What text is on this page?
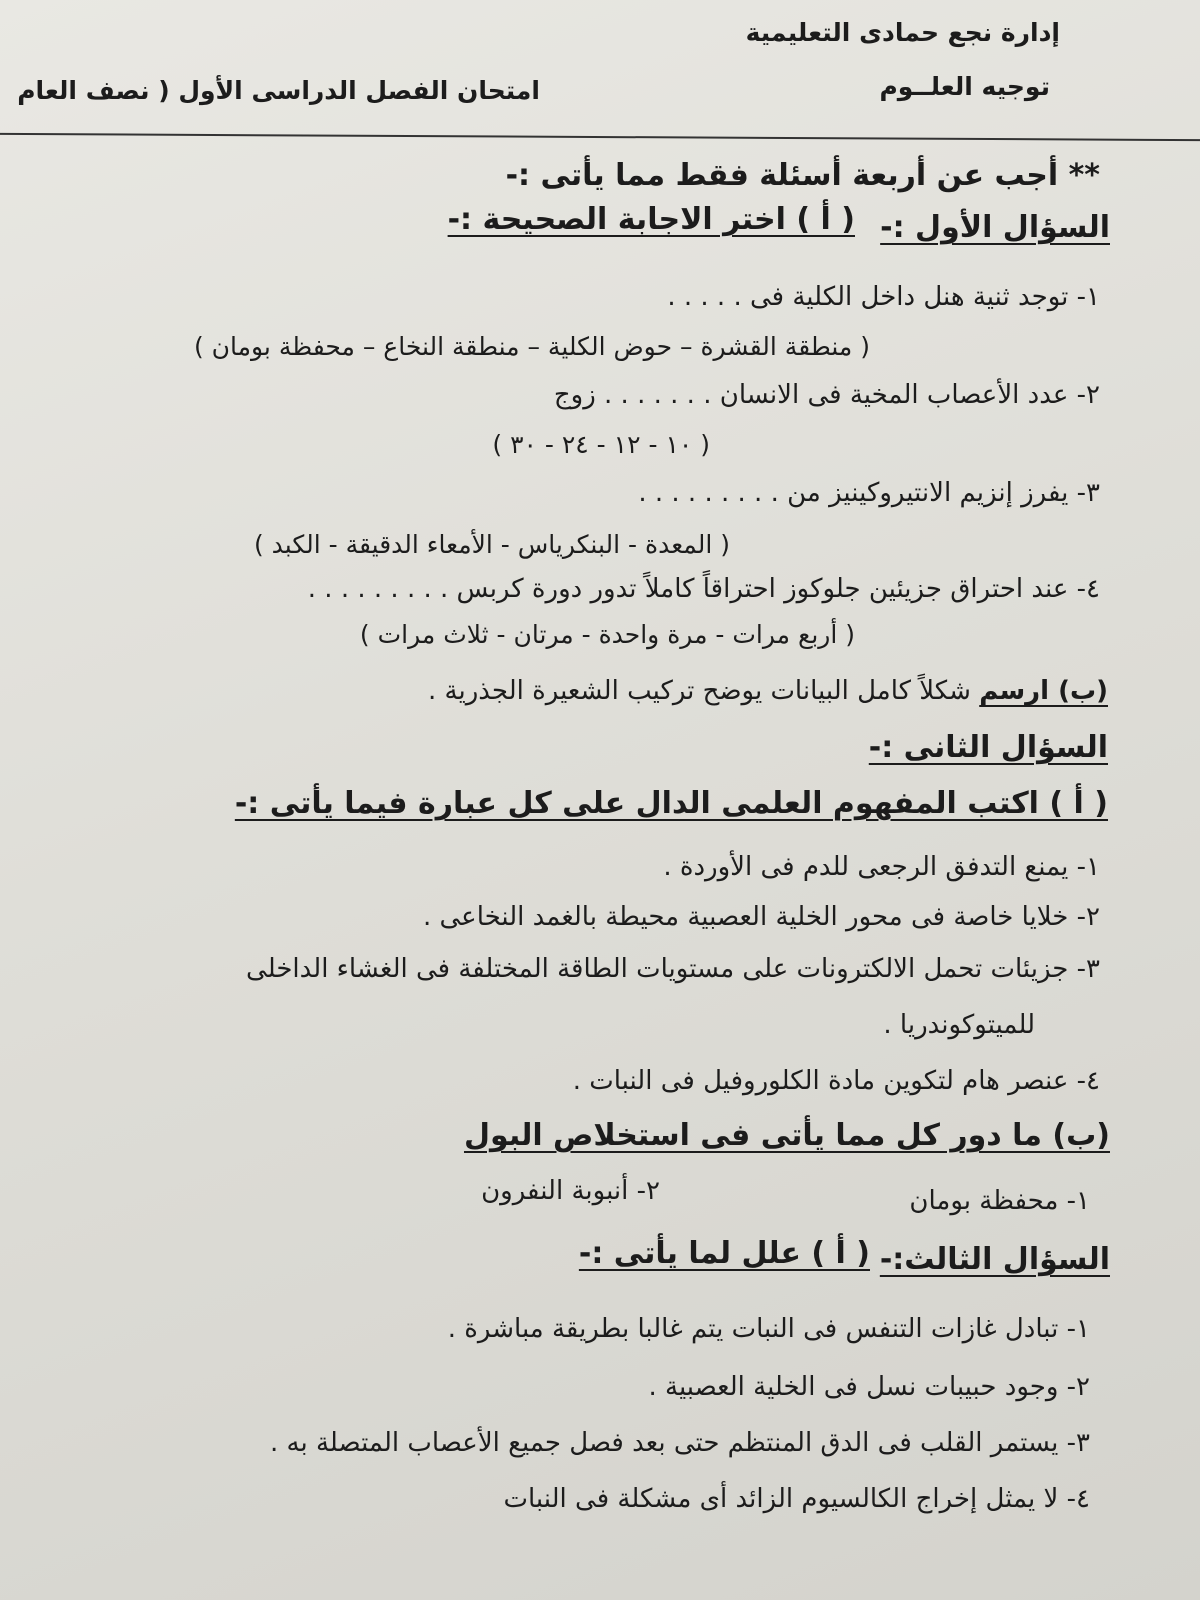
إدارة نجع حمادى التعليمية
توجيه العلــوم
امتحان الفصل الدراسى الأول ( نصف العام
** أجب عن أربعة أسئلة فقط مما يأتى :-
السؤال الأول :-
( أ ) اختر الاجابة الصحيحة :-
١- توجد ثنية هنل داخل الكلية فى . . . . .
( منطقة القشرة – حوض الكلية – منطقة النخاع – محفظة بومان )
٢- عدد الأعصاب المخية فى الانسان . . . . . . . زوج
( ١٠ - ١٢ - ٢٤ - ٣٠ )
٣- يفرز إنزيم الانتيروكينيز من . . . . . . . . .
( المعدة - البنكرياس - الأمعاء الدقيقة - الكبد )
٤- عند احتراق جزيئين جلوكوز احتراقاً كاملاً تدور دورة كربس . . . . . . . . .
( أربع مرات - مرة واحدة - مرتان - ثلاث مرات )
(ب) ارسم شكلاً كامل البيانات يوضح تركيب الشعيرة الجذرية .
السؤال الثانى :-
( أ ) اكتب المفهوم العلمى الدال على كل عبارة فيما يأتى :-
١- يمنع التدفق الرجعى للدم فى الأوردة .
٢- خلايا خاصة فى محور الخلية العصبية محيطة بالغمد النخاعى .
٣- جزيئات تحمل الالكترونات على مستويات الطاقة المختلفة فى الغشاء الداخلى
للميتوكوندريا .
٤- عنصر هام لتكوين مادة الكلوروفيل فى النبات .
(ب) ما دور كل مما يأتى فى استخلاص البول
١- محفظة بومان
٢- أنبوبة النفرون
السؤال الثالث:-
( أ ) علل لما يأتى :-
١- تبادل غازات التنفس فى النبات يتم غالبا بطريقة مباشرة .
٢- وجود حبيبات نسل فى الخلية العصبية .
٣- يستمر القلب فى الدق المنتظم حتى بعد فصل جميع الأعصاب المتصلة به .
٤- لا يمثل إخراج الكالسيوم الزائد أى مشكلة فى النبات
